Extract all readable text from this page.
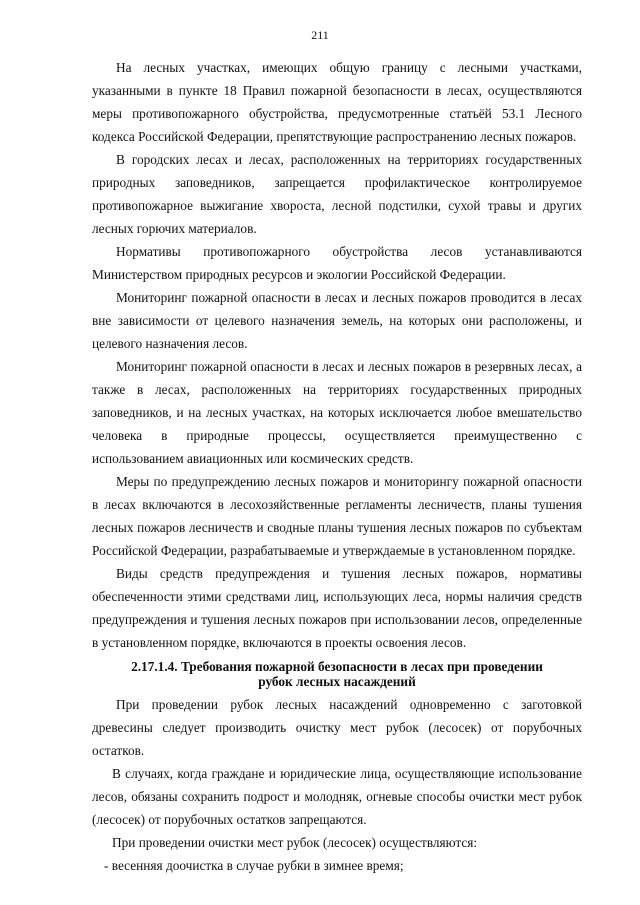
211

На лесных участках, имеющих общую границу с лесными участками, указанными в пункте 18 Правил пожарной безопасности в лесах, осуществляются меры противопожарного обустройства, предусмотренные статьёй 53.1 Лесного кодекса Российской Федерации, препятствующие распространению лесных пожаров.

В городских лесах и лесах, расположенных на территориях государственных природных заповедников, запрещается профилактическое контролируемое противопожарное выжигание хвороста, лесной подстилки, сухой травы и других лесных горючих материалов.

Нормативы противопожарного обустройства лесов устанавливаются Министерством природных ресурсов и экологии Российской Федерации.

Мониторинг пожарной опасности в лесах и лесных пожаров проводится в лесах вне зависимости от целевого назначения земель, на которых они расположены, и целевого назначения лесов.

Мониторинг пожарной опасности в лесах и лесных пожаров в резервных лесах, а также в лесах, расположенных на территориях государственных природных заповедников, и на лесных участках, на которых исключается любое вмешательство человека в природные процессы, осуществляется преимущественно с использованием авиационных или космических средств.

Меры по предупреждению лесных пожаров и мониторингу пожарной опасности в лесах включаются в лесохозяйственные регламенты лесничеств, планы тушения лесных пожаров лесничеств и сводные планы тушения лесных пожаров по субъектам Российской Федерации, разрабатываемые и утверждаемые в установленном порядке.

Виды средств предупреждения и тушения лесных пожаров, нормативы обеспеченности этими средствами лиц, использующих леса, нормы наличия средств предупреждения и тушения лесных пожаров при использовании лесов, определенные в установленном порядке, включаются в проекты освоения лесов.

2.17.1.4. Требования пожарной безопасности в лесах при проведении
рубок лесных насаждений

При проведении рубок лесных насаждений одновременно с заготовкой древесины следует производить очистку мест рубок (лесосек) от порубочных остатков.

В случаях, когда граждане и юридические лица, осуществляющие использование лесов, обязаны сохранить подрост и молодняк, огневые способы очистки мест рубок (лесосек) от порубочных остатков запрещаются.

При проведении очистки мест рубок (лесосек) осуществляются:

- весенняя доочистка в случае рубки в зимнее время;
